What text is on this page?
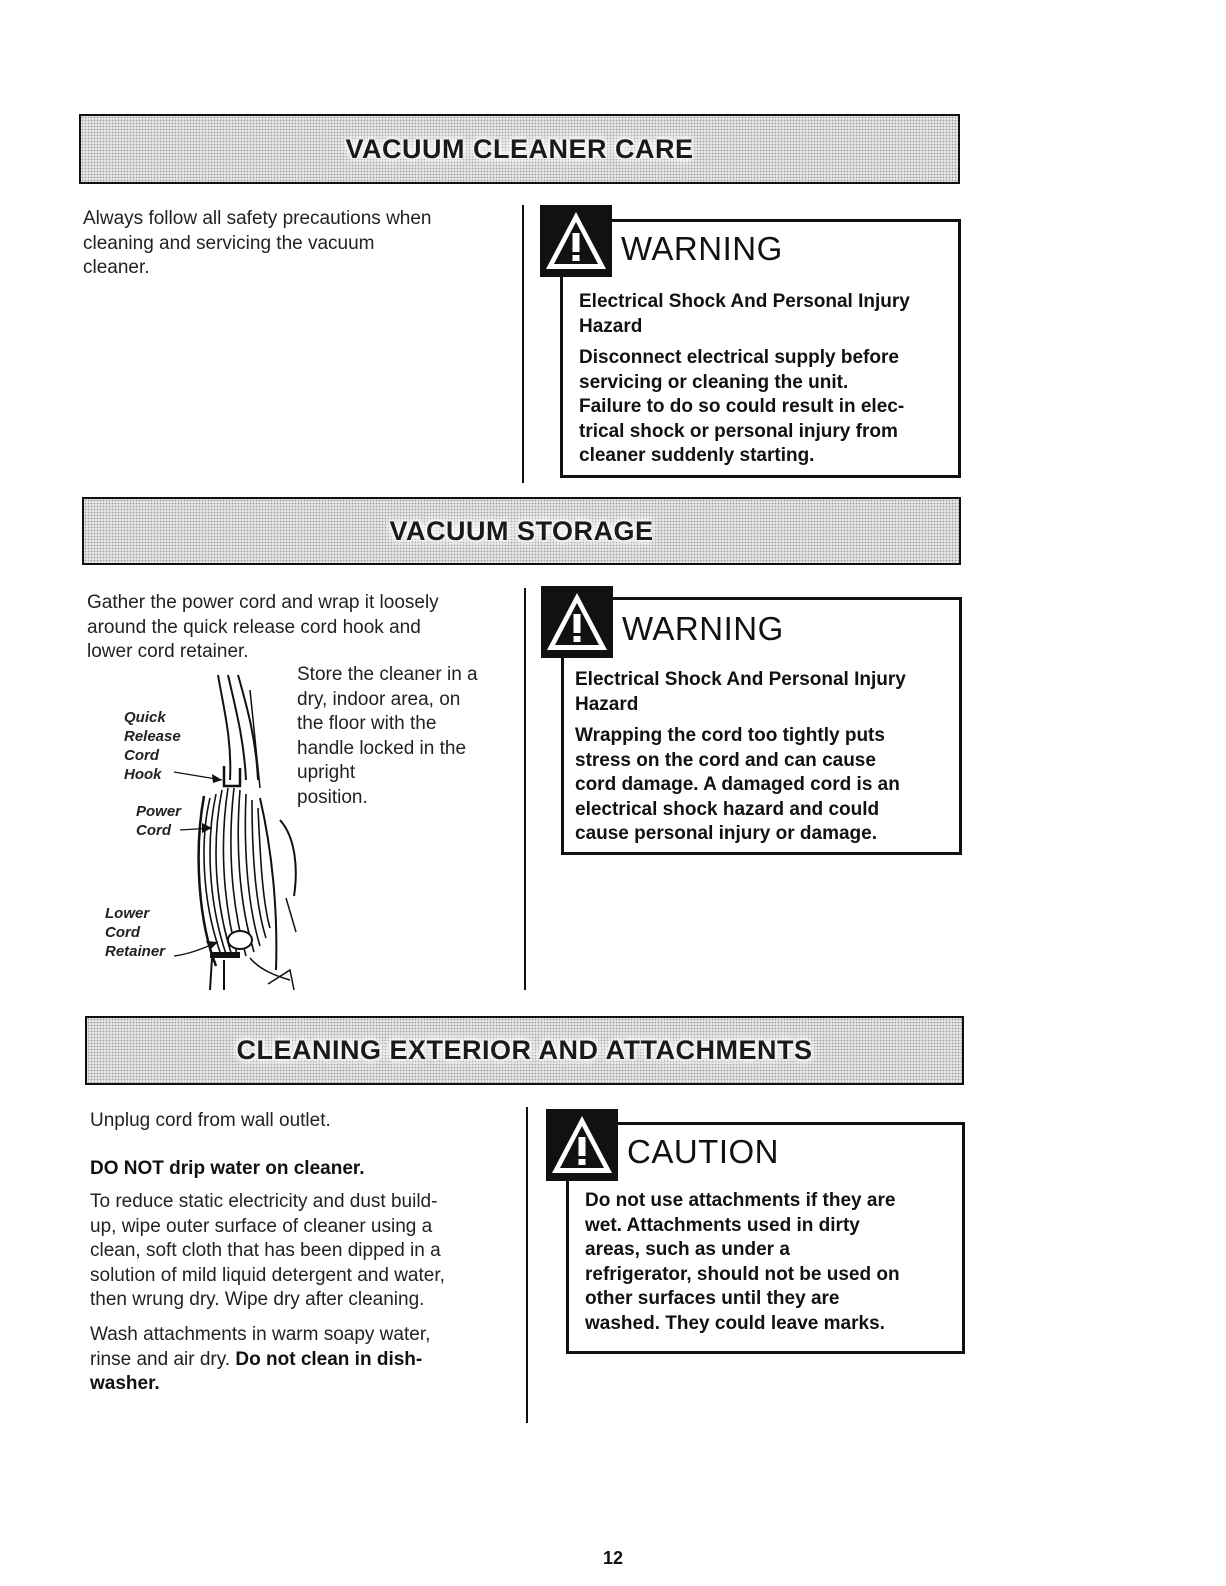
VACUUM CLEANER CARE

Always follow all safety precautions when
cleaning and servicing the vacuum
cleaner.

WARNING

Electrical Shock And Personal Injury
Hazard

Disconnect electrical supply before
servicing or cleaning the unit.
Failure to do so could result in elec-
trical shock or personal injury from
cleaner suddenly starting.

VACUUM STORAGE

Gather the power cord and wrap it loosely
around the quick release cord hook and
lower cord retainer.

Store the cleaner in a
dry, indoor area, on
the floor with the
handle locked in the
upright
position.

Quick
Release
Cord
Hook

Power
Cord

Lower
Cord
Retainer

WARNING

Electrical Shock And Personal Injury
Hazard

Wrapping the cord too tightly puts
stress on the cord and can cause
cord damage. A damaged cord is an
electrical shock hazard and could
cause personal injury or damage.

CLEANING EXTERIOR AND ATTACHMENTS

Unplug cord from wall outlet.

DO NOT drip water on cleaner.

To reduce static electricity and dust build-
up, wipe outer surface of cleaner using a
clean, soft cloth that has been dipped in a
solution of mild liquid detergent and water,
then wrung dry. Wipe dry after cleaning.

Wash attachments in warm soapy water,
rinse and air dry. Do not clean in dish-
washer.
CAUTION

Do not use attachments if they are
wet. Attachments used in dirty
areas, such as under a
refrigerator, should not be used on
other surfaces until they are
washed. They could leave marks.

12
